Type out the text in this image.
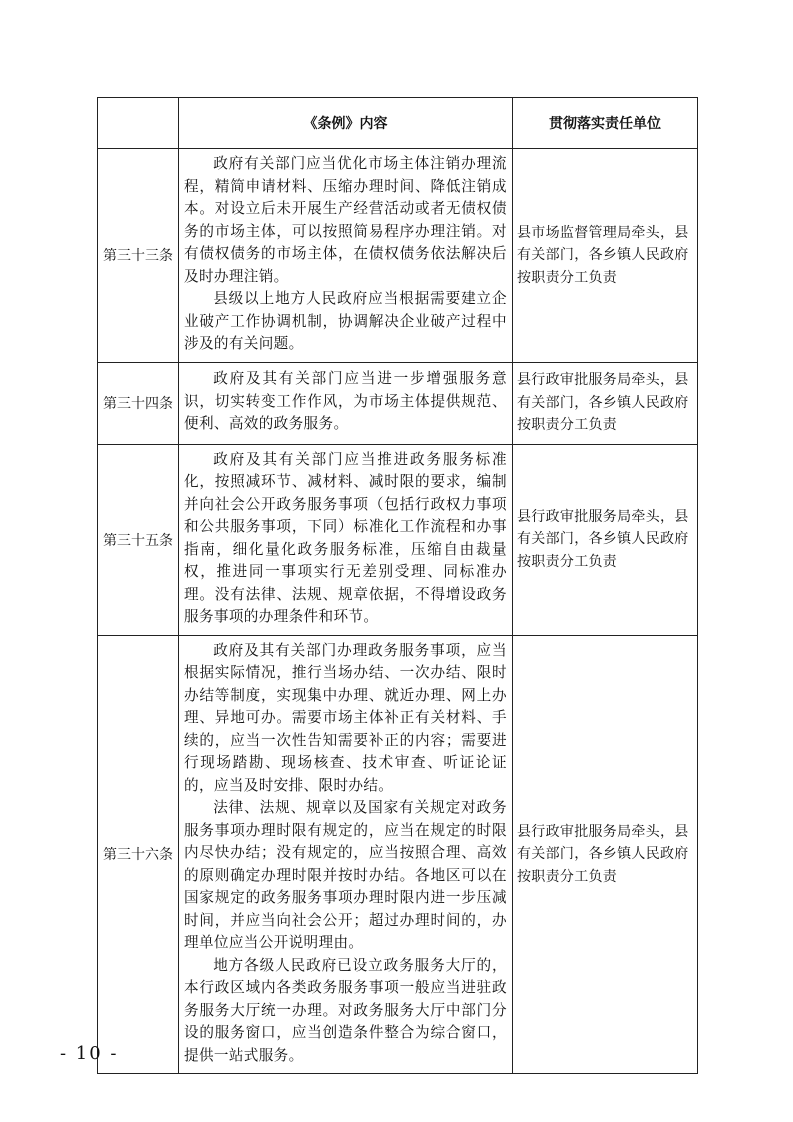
	《条例》内容	贯彻落实责任单位
第三十三条	政府有关部门应当优化市场主体注销办理流程，精简申请材料、压缩办理时间、降低注销成本。对设立后未开展生产经营活动或者无债权债务的市场主体，可以按照简易程序办理注销。对有债权债务的市场主体，在债权债务依法解决后及时办理注销。

县级以上地方人民政府应当根据需要建立企业破产工作协调机制，协调解决企业破产过程中涉及的有关问题。	县市场监督管理局牵头，县有关部门，各乡镇人民政府按职责分工负责
第三十四条	政府及其有关部门应当进一步增强服务意识，切实转变工作作风，为市场主体提供规范、便利、高效的政务服务。	县行政审批服务局牵头，县有关部门，各乡镇人民政府按职责分工负责
第三十五条	政府及其有关部门应当推进政务服务标准化，按照减环节、减材料、减时限的要求，编制并向社会公开政务服务事项（包括行政权力事项和公共服务事项，下同）标准化工作流程和办事指南，细化量化政务服务标准，压缩自由裁量权，推进同一事项实行无差别受理、同标准办理。没有法律、法规、规章依据，不得增设政务服务事项的办理条件和环节。	县行政审批服务局牵头，县有关部门，各乡镇人民政府按职责分工负责
第三十六条	政府及其有关部门办理政务服务事项，应当根据实际情况，推行当场办结、一次办结、限时办结等制度，实现集中办理、就近办理、网上办理、异地可办。需要市场主体补正有关材料、手续的，应当一次性告知需要补正的内容；需要进行现场踏勘、现场核查、技术审查、听证论证的，应当及时安排、限时办结。

法律、法规、规章以及国家有关规定对政务服务事项办理时限有规定的，应当在规定的时限内尽快办结；没有规定的，应当按照合理、高效的原则确定办理时限并按时办结。各地区可以在国家规定的政务服务事项办理时限内进一步压减时间，并应当向社会公开；超过办理时间的，办理单位应当公开说明理由。

地方各级人民政府已设立政务服务大厅的，本行政区域内各类政务服务事项一般应当进驻政务服务大厅统一办理。对政务服务大厅中部门分设的服务窗口，应当创造条件整合为综合窗口，提供一站式服务。	县行政审批服务局牵头，县有关部门，各乡镇人民政府按职责分工负责
- 10 -
